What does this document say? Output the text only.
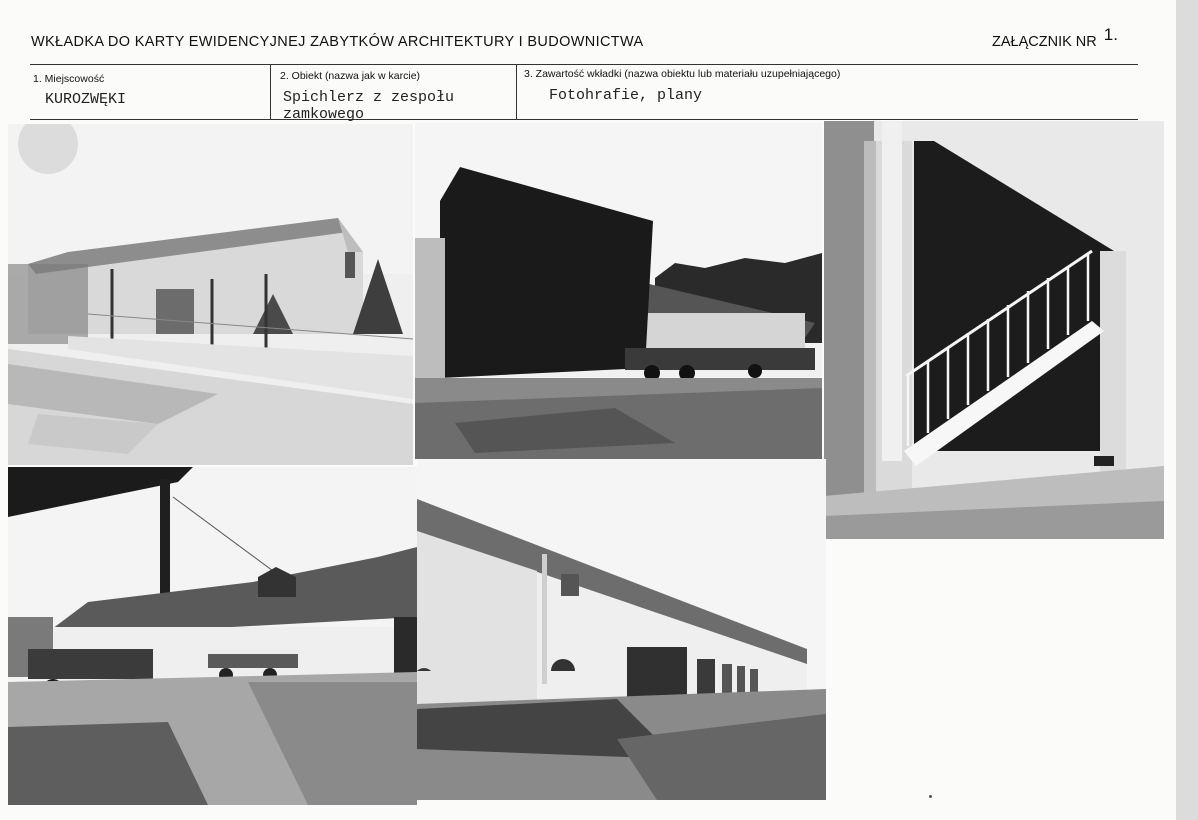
WKŁADKA DO KARTY EWIDENCYJNEJ ZABYTKÓW ARCHITEKTURY I BUDOWNICTWA	ZAŁĄCZNIK NR 1.
1. Miejscowość
KUROZWĘKI
2. Obiekt (nazwa jak w karcie)
Spichlerz z zespołu zamkowego
3. Zawartość wkładki (nazwa obiektu lub materiału uzupełniającego)
Fotohrafie, plany
